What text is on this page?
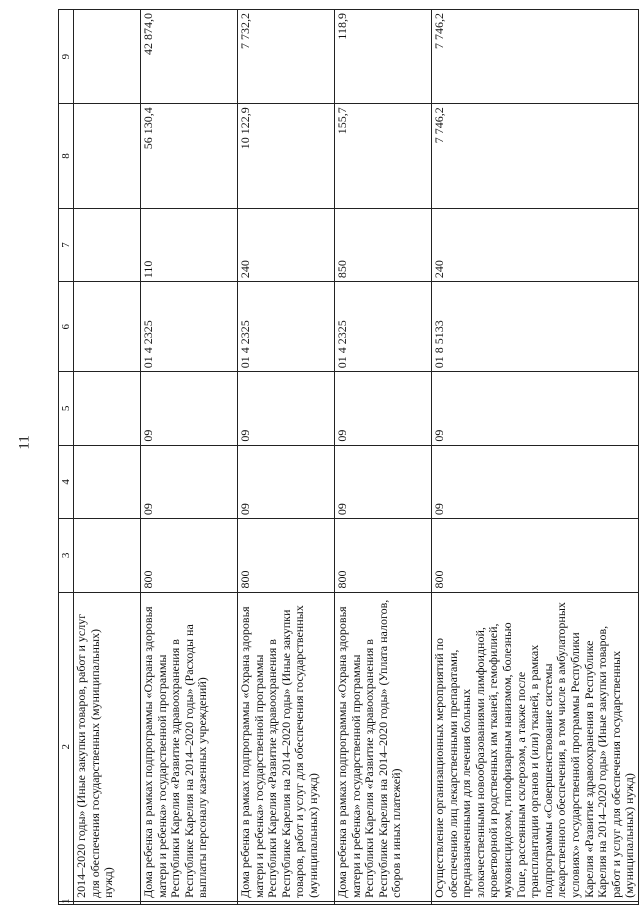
11
1	2	3	4	5	6	7	8	9
	2014–2020 годы» (Иные закупки товаров, работ и услуг для обеспечения государственных (муниципальных) нужд)							
	Дома ребенка в рамках подпрограммы «Охрана здоровья матери и ребенка» государственной программы Республики Карелия «Развитие здравоохранения в Республике Карелия на 2014–2020 годы» (Расходы на выплаты персоналу казенных учреждений)	800	09	09	01 4 2325	110	56 130,4	42 874,0
	Дома ребенка в рамках подпрограммы «Охрана здоровья матери и ребенка» государственной программы Республики Карелия «Развитие здравоохранения в Республике Карелия на 2014–2020 годы» (Иные закупки товаров, работ и услуг для обеспечения государственных (муниципальных) нужд)	800	09	09	01 4 2325	240	10 122,9	7 732,2
	Дома ребенка в рамках подпрограммы «Охрана здоровья матери и ребенка» государственной программы Республики Карелия «Развитие здравоохранения в Республике Карелия на 2014–2020 годы» (Уплата налогов, сборов и иных платежей)	800	09	09	01 4 2325	850	155,7	118,9
	Осуществление организационных мероприятий по обеспечению лиц лекарственными препаратами, предназначенными для лечения больных злокачественными новообразованиями лимфоидной, кроветворной и родственных им тканей, гемофилией, муковисцидозом, гипофизарным нанизмом, болезнью Гоше, рассеянным склерозом, а также после трансплантации органов и (или) тканей, в рамках подпрограммы «Совершенствование системы лекарственного обеспечения, в том числе в амбулаторных условиях» государственной программы Республики Карелия «Развитие здравоохранения в Республике Карелия на 2014–2020 годы» (Иные закупки товаров, работ и услуг для обеспечения государственных (муниципальных) нужд)	800	09	09	01 8 5133	240	7 746,2	7 746,2
